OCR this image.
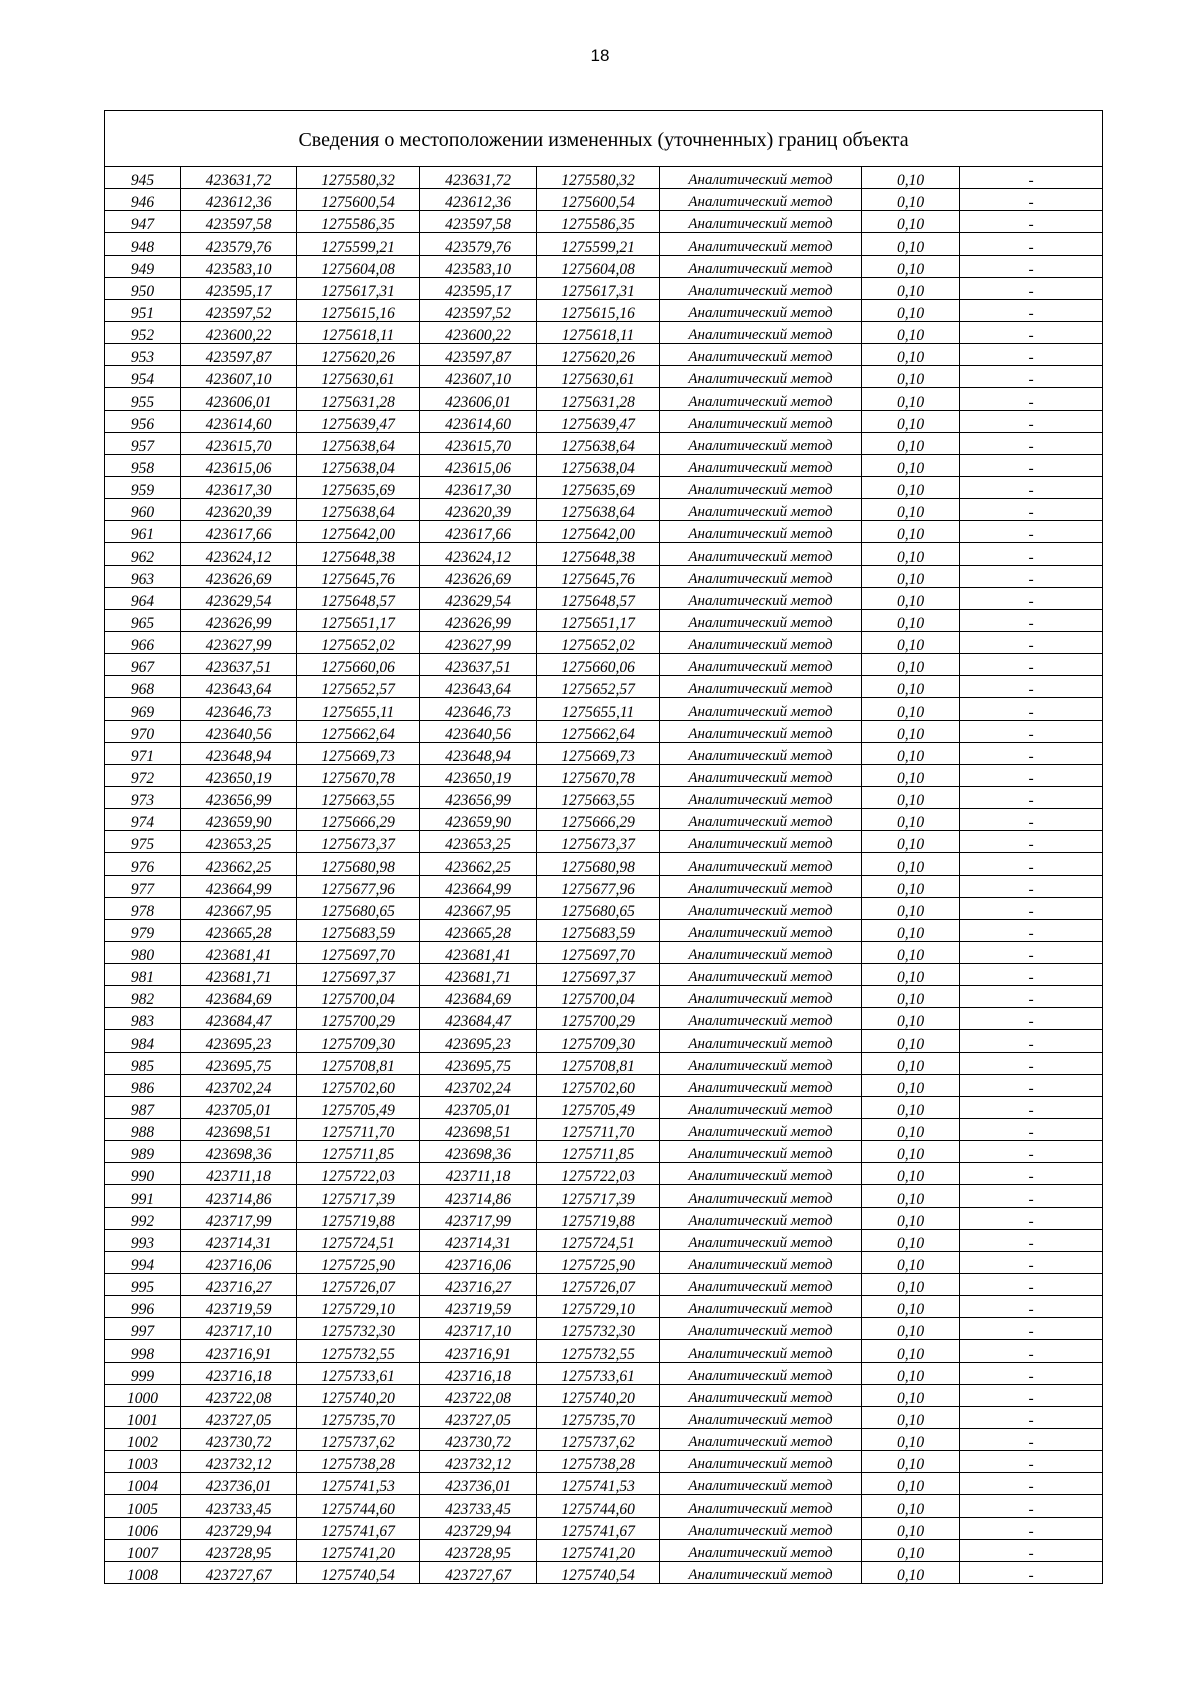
18
Сведения о местоположении измененных (уточненных) границ объекта							
945	423631,72	1275580,32	423631,72	1275580,32	Аналитический метод	0,10	-
946	423612,36	1275600,54	423612,36	1275600,54	Аналитический метод	0,10	-
947	423597,58	1275586,35	423597,58	1275586,35	Аналитический метод	0,10	-
948	423579,76	1275599,21	423579,76	1275599,21	Аналитический метод	0,10	-
949	423583,10	1275604,08	423583,10	1275604,08	Аналитический метод	0,10	-
950	423595,17	1275617,31	423595,17	1275617,31	Аналитический метод	0,10	-
951	423597,52	1275615,16	423597,52	1275615,16	Аналитический метод	0,10	-
952	423600,22	1275618,11	423600,22	1275618,11	Аналитический метод	0,10	-
953	423597,87	1275620,26	423597,87	1275620,26	Аналитический метод	0,10	-
954	423607,10	1275630,61	423607,10	1275630,61	Аналитический метод	0,10	-
955	423606,01	1275631,28	423606,01	1275631,28	Аналитический метод	0,10	-
956	423614,60	1275639,47	423614,60	1275639,47	Аналитический метод	0,10	-
957	423615,70	1275638,64	423615,70	1275638,64	Аналитический метод	0,10	-
958	423615,06	1275638,04	423615,06	1275638,04	Аналитический метод	0,10	-
959	423617,30	1275635,69	423617,30	1275635,69	Аналитический метод	0,10	-
960	423620,39	1275638,64	423620,39	1275638,64	Аналитический метод	0,10	-
961	423617,66	1275642,00	423617,66	1275642,00	Аналитический метод	0,10	-
962	423624,12	1275648,38	423624,12	1275648,38	Аналитический метод	0,10	-
963	423626,69	1275645,76	423626,69	1275645,76	Аналитический метод	0,10	-
964	423629,54	1275648,57	423629,54	1275648,57	Аналитический метод	0,10	-
965	423626,99	1275651,17	423626,99	1275651,17	Аналитический метод	0,10	-
966	423627,99	1275652,02	423627,99	1275652,02	Аналитический метод	0,10	-
967	423637,51	1275660,06	423637,51	1275660,06	Аналитический метод	0,10	-
968	423643,64	1275652,57	423643,64	1275652,57	Аналитический метод	0,10	-
969	423646,73	1275655,11	423646,73	1275655,11	Аналитический метод	0,10	-
970	423640,56	1275662,64	423640,56	1275662,64	Аналитический метод	0,10	-
971	423648,94	1275669,73	423648,94	1275669,73	Аналитический метод	0,10	-
972	423650,19	1275670,78	423650,19	1275670,78	Аналитический метод	0,10	-
973	423656,99	1275663,55	423656,99	1275663,55	Аналитический метод	0,10	-
974	423659,90	1275666,29	423659,90	1275666,29	Аналитический метод	0,10	-
975	423653,25	1275673,37	423653,25	1275673,37	Аналитический метод	0,10	-
976	423662,25	1275680,98	423662,25	1275680,98	Аналитический метод	0,10	-
977	423664,99	1275677,96	423664,99	1275677,96	Аналитический метод	0,10	-
978	423667,95	1275680,65	423667,95	1275680,65	Аналитический метод	0,10	-
979	423665,28	1275683,59	423665,28	1275683,59	Аналитический метод	0,10	-
980	423681,41	1275697,70	423681,41	1275697,70	Аналитический метод	0,10	-
981	423681,71	1275697,37	423681,71	1275697,37	Аналитический метод	0,10	-
982	423684,69	1275700,04	423684,69	1275700,04	Аналитический метод	0,10	-
983	423684,47	1275700,29	423684,47	1275700,29	Аналитический метод	0,10	-
984	423695,23	1275709,30	423695,23	1275709,30	Аналитический метод	0,10	-
985	423695,75	1275708,81	423695,75	1275708,81	Аналитический метод	0,10	-
986	423702,24	1275702,60	423702,24	1275702,60	Аналитический метод	0,10	-
987	423705,01	1275705,49	423705,01	1275705,49	Аналитический метод	0,10	-
988	423698,51	1275711,70	423698,51	1275711,70	Аналитический метод	0,10	-
989	423698,36	1275711,85	423698,36	1275711,85	Аналитический метод	0,10	-
990	423711,18	1275722,03	423711,18	1275722,03	Аналитический метод	0,10	-
991	423714,86	1275717,39	423714,86	1275717,39	Аналитический метод	0,10	-
992	423717,99	1275719,88	423717,99	1275719,88	Аналитический метод	0,10	-
993	423714,31	1275724,51	423714,31	1275724,51	Аналитический метод	0,10	-
994	423716,06	1275725,90	423716,06	1275725,90	Аналитический метод	0,10	-
995	423716,27	1275726,07	423716,27	1275726,07	Аналитический метод	0,10	-
996	423719,59	1275729,10	423719,59	1275729,10	Аналитический метод	0,10	-
997	423717,10	1275732,30	423717,10	1275732,30	Аналитический метод	0,10	-
998	423716,91	1275732,55	423716,91	1275732,55	Аналитический метод	0,10	-
999	423716,18	1275733,61	423716,18	1275733,61	Аналитический метод	0,10	-
1000	423722,08	1275740,20	423722,08	1275740,20	Аналитический метод	0,10	-
1001	423727,05	1275735,70	423727,05	1275735,70	Аналитический метод	0,10	-
1002	423730,72	1275737,62	423730,72	1275737,62	Аналитический метод	0,10	-
1003	423732,12	1275738,28	423732,12	1275738,28	Аналитический метод	0,10	-
1004	423736,01	1275741,53	423736,01	1275741,53	Аналитический метод	0,10	-
1005	423733,45	1275744,60	423733,45	1275744,60	Аналитический метод	0,10	-
1006	423729,94	1275741,67	423729,94	1275741,67	Аналитический метод	0,10	-
1007	423728,95	1275741,20	423728,95	1275741,20	Аналитический метод	0,10	-
1008	423727,67	1275740,54	423727,67	1275740,54	Аналитический метод	0,10	-
